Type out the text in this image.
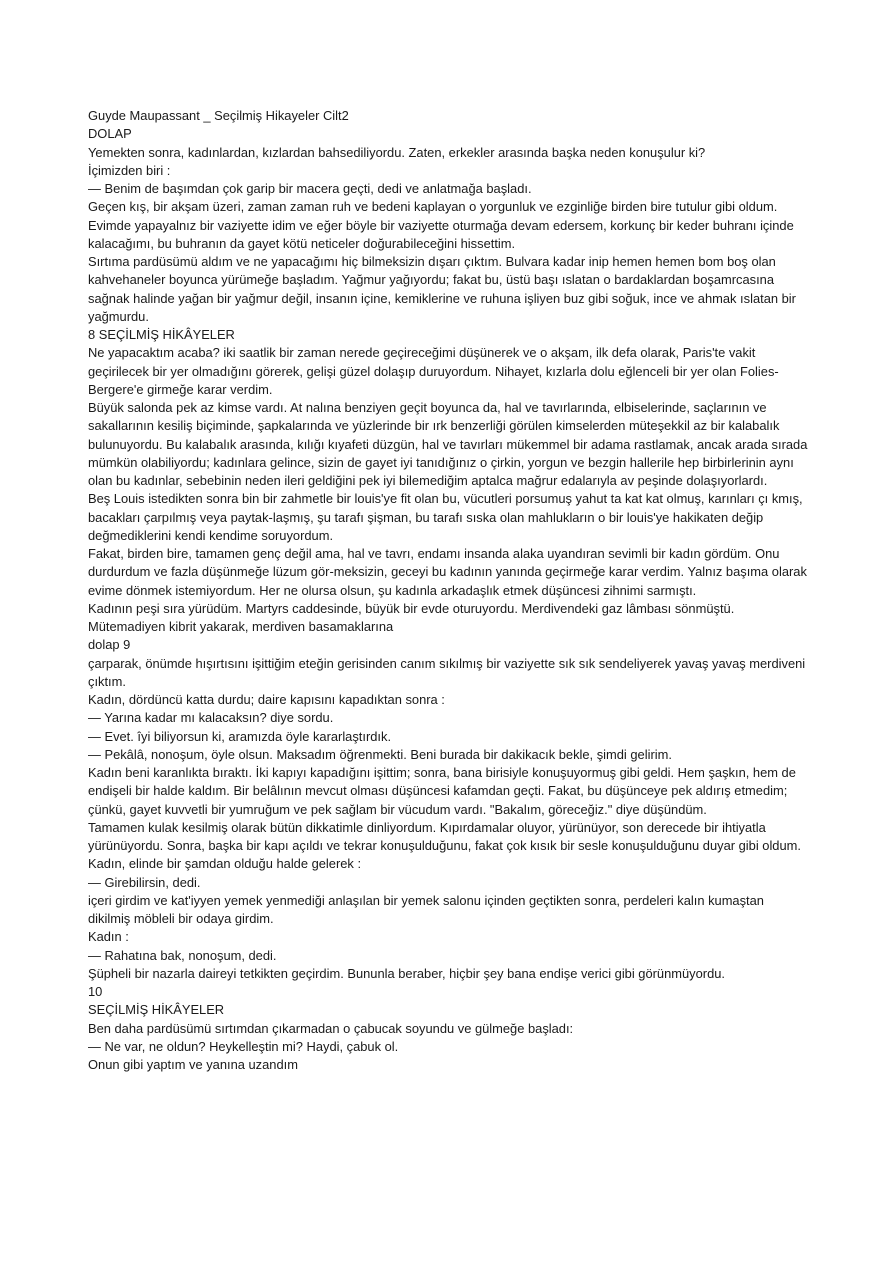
Guyde Maupassant _ Seçilmiş Hikayeler Cilt2

DOLAP

Yemekten sonra, kadınlardan, kızlardan bahsediliyordu. Zaten, erkekler arasında başka neden konuşulur ki?

İçimizden biri :

— Benim de başımdan çok garip bir macera geçti, dedi ve anlatmağa başladı.

Geçen kış, bir akşam üzeri, zaman zaman ruh ve bedeni kaplayan o yorgunluk ve ezginliğe birden bire tutulur gibi oldum. Evimde yapayalnız bir vaziyette idim ve eğer böyle bir vaziyette oturmağa devam edersem, korkunç bir keder buhranı içinde kalacağımı, bu buhranın da gayet kötü neticeler doğurabileceğini hissettim.

Sırtıma pardüsümü aldım ve ne yapacağımı hiç bilmeksizin dışarı çıktım. Bulvara kadar inip hemen hemen bom boş olan kahvehaneler boyunca yürümeğe başladım. Yağmur yağıyordu; fakat bu, üstü başı ıslatan o bardaklardan boşamrcasına sağnak halinde yağan bir yağmur değil, insanın içine, kemiklerine ve ruhuna işliyen buz gibi soğuk, ince ve ahmak ıslatan bir yağmurdu.

8 SEÇİLMİŞ HİKÂYELER

Ne yapacaktım acaba? iki saatlik bir zaman nerede geçireceğimi düşünerek ve o akşam, ilk defa olarak, Paris'te vakit geçirilecek bir yer olmadığını görerek, gelişi güzel dolaşıp duruyordum. Nihayet, kızlarla dolu eğlenceli bir yer olan Folies-Bergere'e girmeğe karar verdim.

Büyük salonda pek az kimse vardı. At nalına benziyen geçit boyunca da, hal ve tavırlarında, elbiselerinde, saçlarının ve sakallarının kesiliş biçiminde, şapkalarında ve yüzlerinde bir ırk benzerliği görülen kimselerden müteşekkil az bir kalabalık bulunuyordu. Bu kalabalık arasında, kılığı kıyafeti düzgün, hal ve tavırları mükemmel bir adama rastlamak, ancak arada sırada mümkün olabiliyordu; kadınlara gelince, sizin de gayet iyi tanıdığınız o çirkin, yorgun ve bezgin hallerile hep birbirlerinin aynı olan bu kadınlar, sebebinin neden ileri geldiğini pek iyi bilemediğim aptalca mağrur edalarıyla av peşinde dolaşıyorlardı.

Beş Louis istedikten sonra bin bir zahmetle bir louis'ye fit olan bu, vücutleri porsumuş yahut ta kat kat olmuş, karınları çı kmış, bacakları çarpılmış veya paytak-laşmış, şu tarafı şişman, bu tarafı sıska olan mahlukların o bir louis'ye hakikaten değip değmediklerini kendi kendime soruyordum.

Fakat, birden bire, tamamen genç değil ama, hal ve tavrı, endamı insanda alaka uyandıran sevimli bir kadın gördüm. Onu durdurdum ve fazla düşünmeğe lüzum gör-meksizin, geceyi bu kadının yanında geçirmeğe karar verdim. Yalnız başıma olarak evime dönmek istemiyordum. Her ne olursa olsun, şu kadınla arkadaşlık etmek düşüncesi zihnimi sarmıştı.

Kadının peşi sıra yürüdüm. Martyrs caddesinde, büyük bir evde oturuyordu. Merdivendeki gaz lâmbası sönmüştü. Mütemadiyen kibrit yakarak, merdiven basamaklarına

dolap 9

çarparak, önümde hışırtısını işittiğim eteğin gerisinden canım sıkılmış bir vaziyette sık sık sendeliyerek yavaş yavaş merdiveni çıktım.

Kadın, dördüncü katta durdu; daire kapısını kapadıktan sonra :

— Yarına kadar mı kalacaksın? diye sordu.

— Evet. îyi biliyorsun ki, aramızda öyle kararlaştırdık.

— Pekâlâ, nonoşum, öyle olsun. Maksadım öğrenmekti. Beni burada bir dakikacık bekle, şimdi gelirim.

Kadın beni karanlıkta bıraktı. İki kapıyı kapadığını işittim; sonra, bana birisiyle konuşuyormuş gibi geldi. Hem şaşkın, hem de endişeli bir halde kaldım. Bir belâlının mevcut olması düşüncesi kafamdan geçti. Fakat, bu düşünceye pek aldırış etmedim; çünkü, gayet kuvvetli bir yumruğum ve pek sağlam bir vücudum vardı. "Bakalım, göreceğiz." diye düşündüm.

Tamamen kulak kesilmiş olarak bütün dikkatimle dinliyordum. Kıpırdamalar oluyor, yürünüyor, son derecede bir ihtiyatla yürünüyordu. Sonra, başka bir kapı açıldı ve tekrar konuşulduğunu, fakat çok kısık bir sesle konuşulduğunu duyar gibi oldum.

Kadın, elinde bir şamdan olduğu halde gelerek :

— Girebilirsin, dedi.

içeri girdim ve kat'iyyen yemek yenmediği anlaşılan bir yemek salonu içinden geçtikten sonra, perdeleri kalın kumaştan dikilmiş möbleli bir odaya girdim.

Kadın :

— Rahatına bak, nonoşum, dedi.

Şüpheli bir nazarla daireyi tetkikten geçirdim. Bununla beraber, hiçbir şey bana endişe verici gibi görünmüyordu.

10

SEÇİLMİŞ HİKÂYELER

Ben daha pardüsümü sırtımdan çıkarmadan o çabucak soyundu ve gülmeğe başladı:

— Ne var, ne oldun? Heykelleştin mi? Haydi, çabuk ol.

Onun gibi yaptım ve yanına uzandım
